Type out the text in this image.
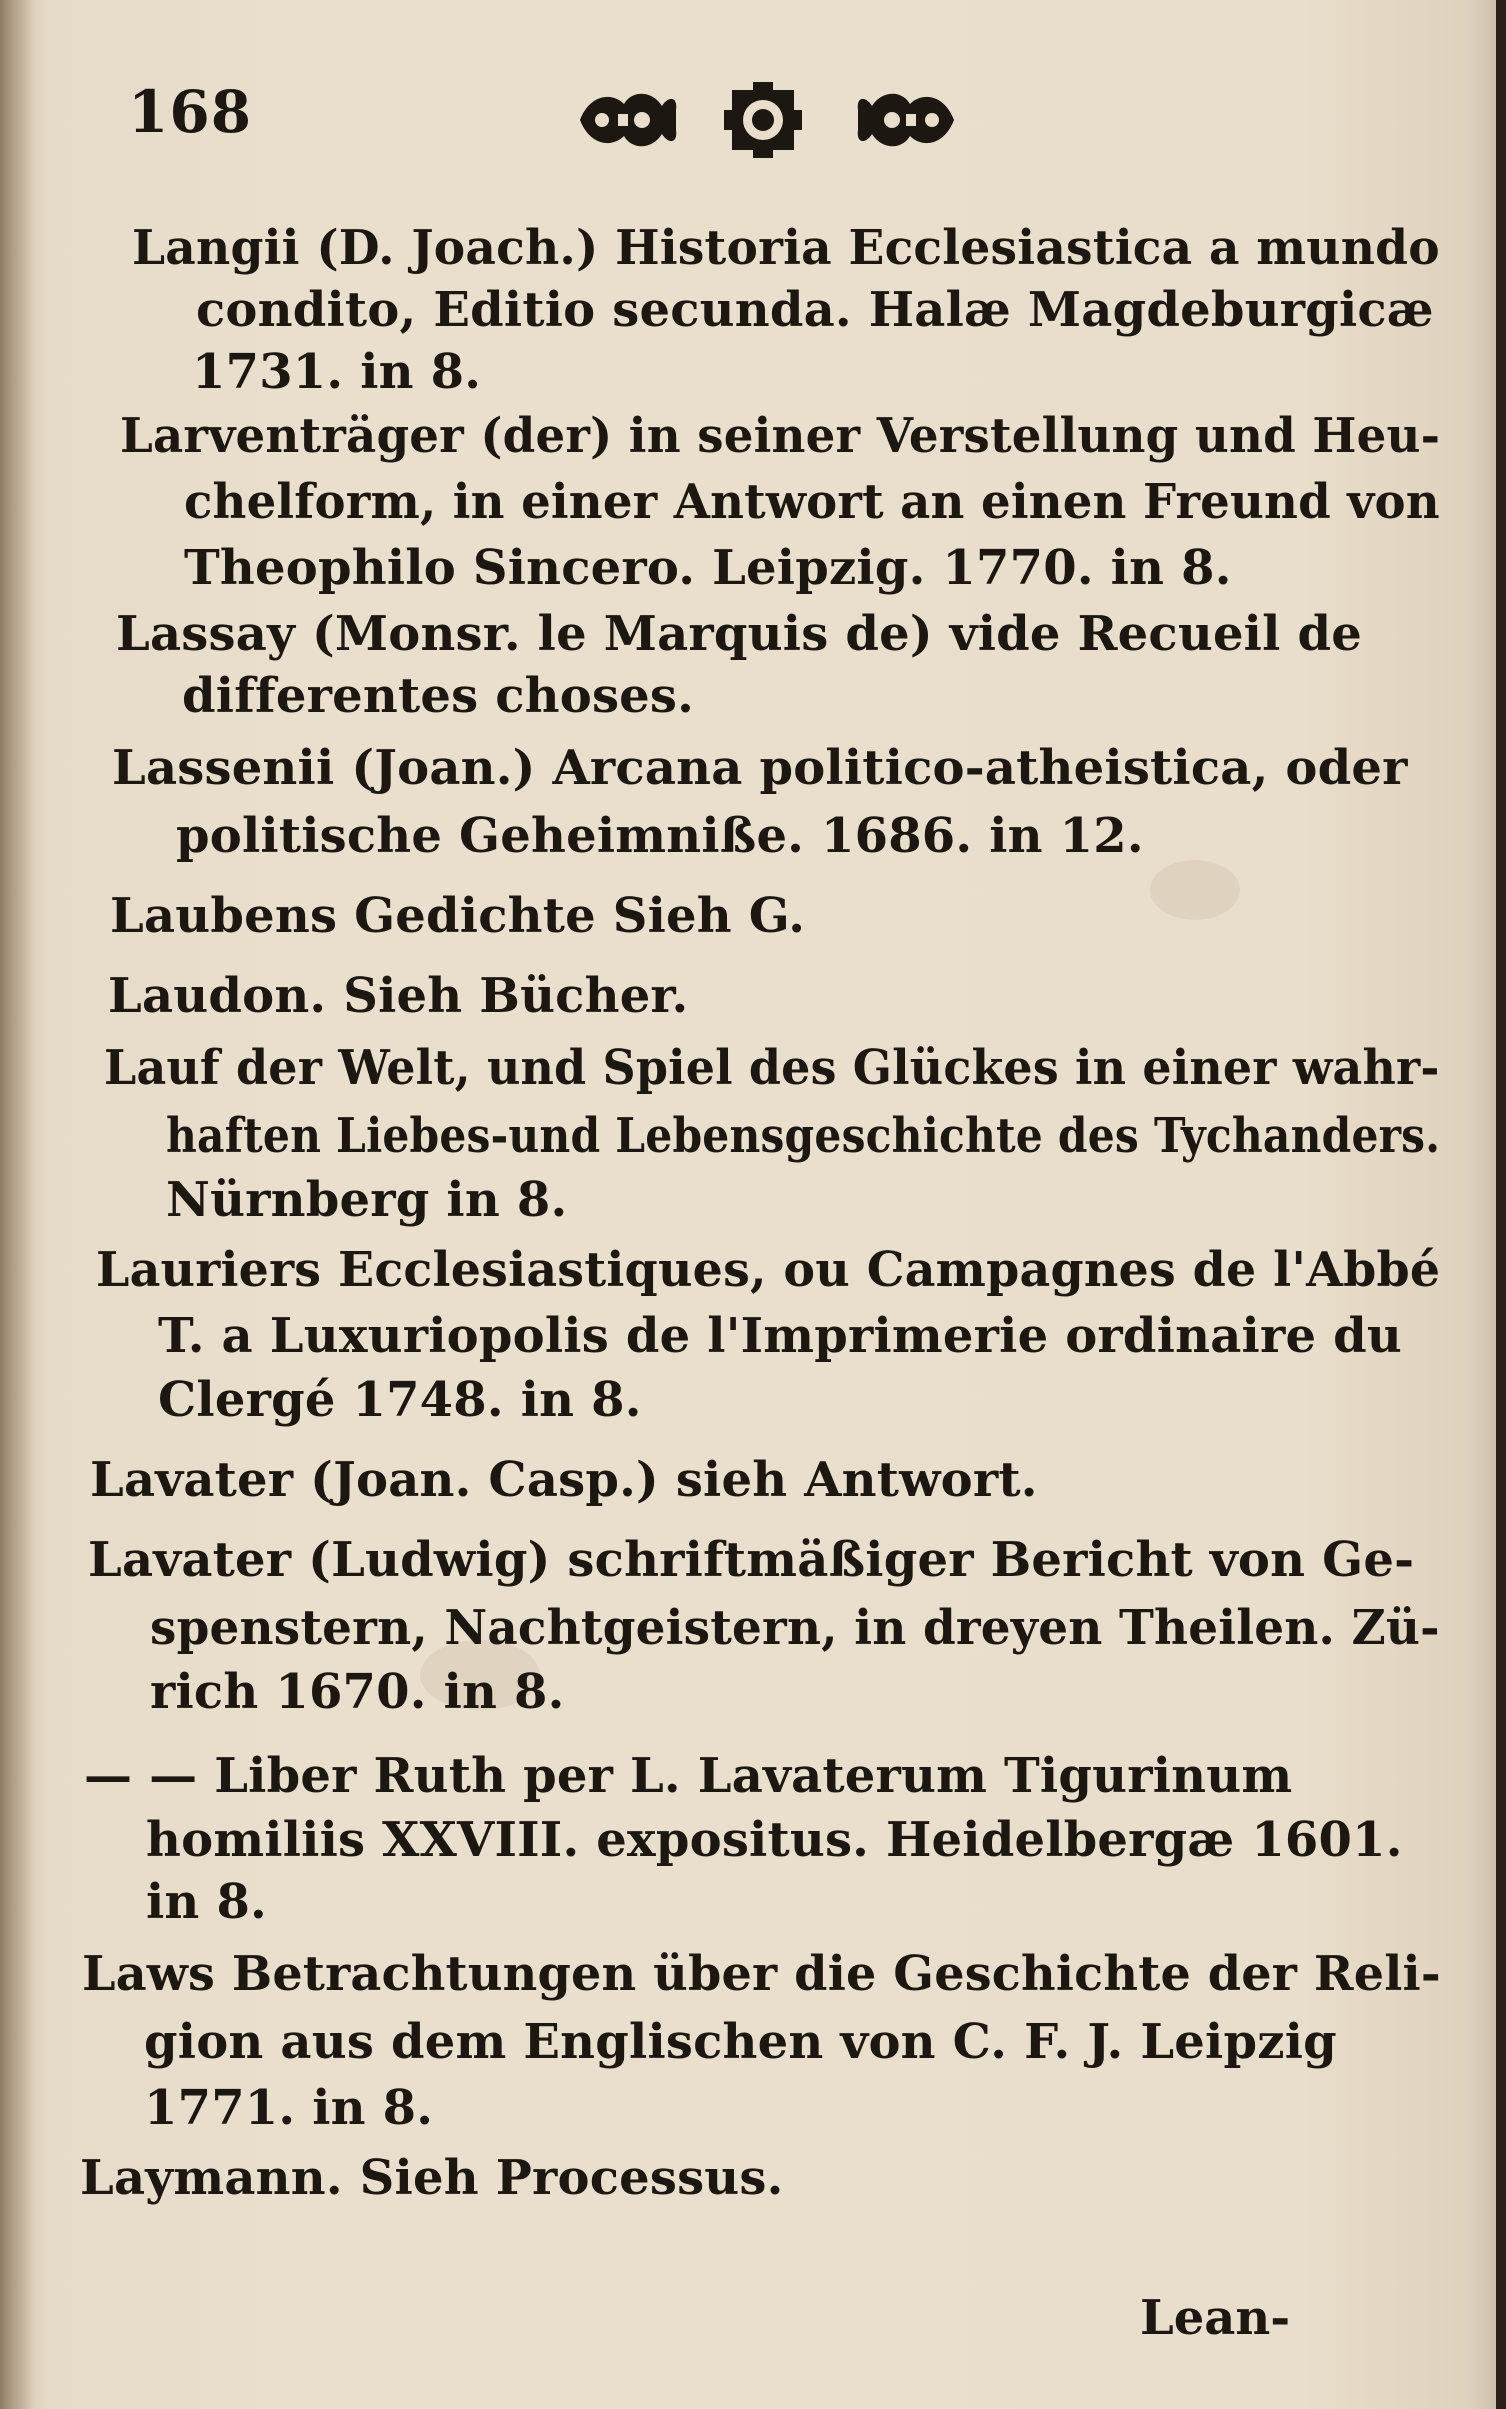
168
Langii (D. Joach.) Historia Ecclesiastica a mundo
condito, Editio secunda. Halæ Magdeburgicæ
1731. in 8.
Larventräger (der) in seiner Verstellung und Heu-
chelform, in einer Antwort an einen Freund von
Theophilo Sincero. Leipzig. 1770. in 8.
Lassay (Monsr. le Marquis de) vide Recueil de
differentes choses.
Lassenii (Joan.) Arcana politico-atheistica, oder
politische Geheimniße. 1686. in 12.
Laubens Gedichte Sieh G.
Laudon. Sieh Bücher.
Lauf der Welt, und Spiel des Glückes in einer wahr-
haften Liebes-und Lebensgeschichte des Tychanders.
Nürnberg in 8.
Lauriers Ecclesiastiques, ou Campagnes de l'Abbé
T. a Luxuriopolis de l'Imprimerie ordinaire du
Clergé 1748. in 8.
Lavater (Joan. Casp.) sieh Antwort.
Lavater (Ludwig) schriftmäßiger Bericht von Ge-
spenstern, Nachtgeistern, in dreyen Theilen. Zü-
rich 1670. in 8.
— — Liber Ruth per L. Lavaterum Tigurinum
homiliis XXVIII. expositus. Heidelbergæ 1601.
in 8.
Laws Betrachtungen über die Geschichte der Reli-
gion aus dem Englischen von C. F. J. Leipzig
1771. in 8.
Laymann. Sieh Processus.
Lean-
